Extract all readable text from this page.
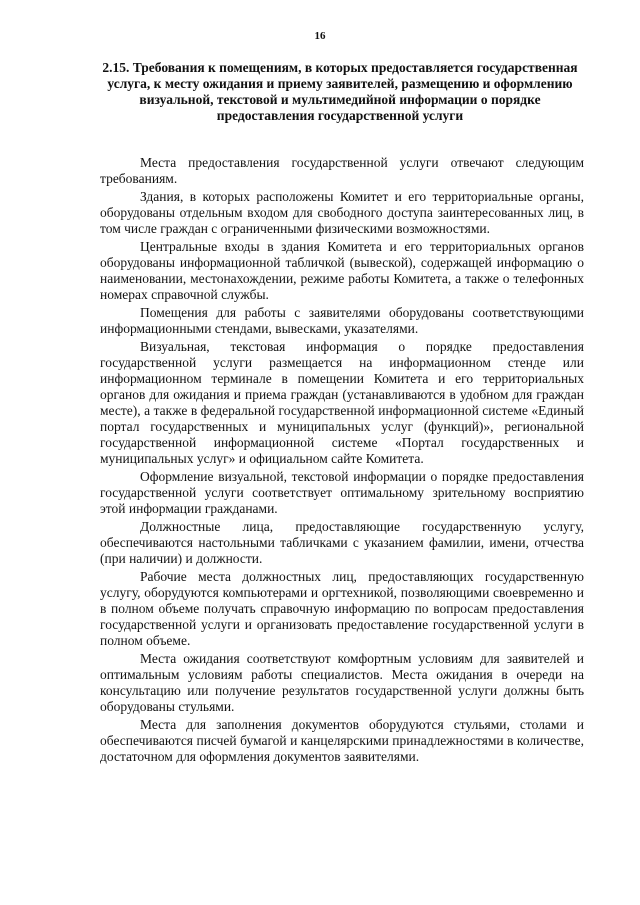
16
2.15. Требования к помещениям, в которых предоставляется государственная услуга, к месту ожидания и приему заявителей, размещению и оформлению визуальной, текстовой и мультимедийной информации о порядке предоставления государственной услуги

Места предоставления государственной услуги отвечают следующим требованиям.

Здания, в которых расположены Комитет и его территориальные органы, оборудованы отдельным входом для свободного доступа заинтересованных лиц, в том числе граждан с ограниченными физическими возможностями.

Центральные входы в здания Комитета и его территориальных органов оборудованы информационной табличкой (вывеской), содержащей информацию о наименовании, местонахождении, режиме работы Комитета, а также о телефонных номерах справочной службы.

Помещения для работы с заявителями оборудованы соответствующими информационными стендами, вывесками, указателями.

Визуальная, текстовая информация о порядке предоставления государственной услуги размещается на информационном стенде или информационном терминале в помещении Комитета и его территориальных органов для ожидания и приема граждан (устанавливаются в удобном для граждан месте), а также в федеральной государственной информационной системе «Единый портал государственных и муниципальных услуг (функций)», региональной государственной информационной системе «Портал государственных и муниципальных услуг» и официальном сайте Комитета.

Оформление визуальной, текстовой информации о порядке предоставления государственной услуги соответствует оптимальному зрительному восприятию этой информации гражданами.

Должностные лица, предоставляющие государственную услугу, обеспечиваются настольными табличками с указанием фамилии, имени, отчества (при наличии) и должности.

Рабочие места должностных лиц, предоставляющих государственную услугу, оборудуются компьютерами и оргтехникой, позволяющими своевременно и в полном объеме получать справочную информацию по вопросам предоставления государственной услуги и организовать предоставление государственной услуги в полном объеме.

Места ожидания соответствуют комфортным условиям для заявителей и оптимальным условиям работы специалистов. Места ожидания в очереди на консультацию или получение результатов государственной услуги должны быть оборудованы стульями.

Места для заполнения документов оборудуются стульями, столами и обеспечиваются писчей бумагой и канцелярскими принадлежностями в количестве, достаточном для оформления документов заявителями.
